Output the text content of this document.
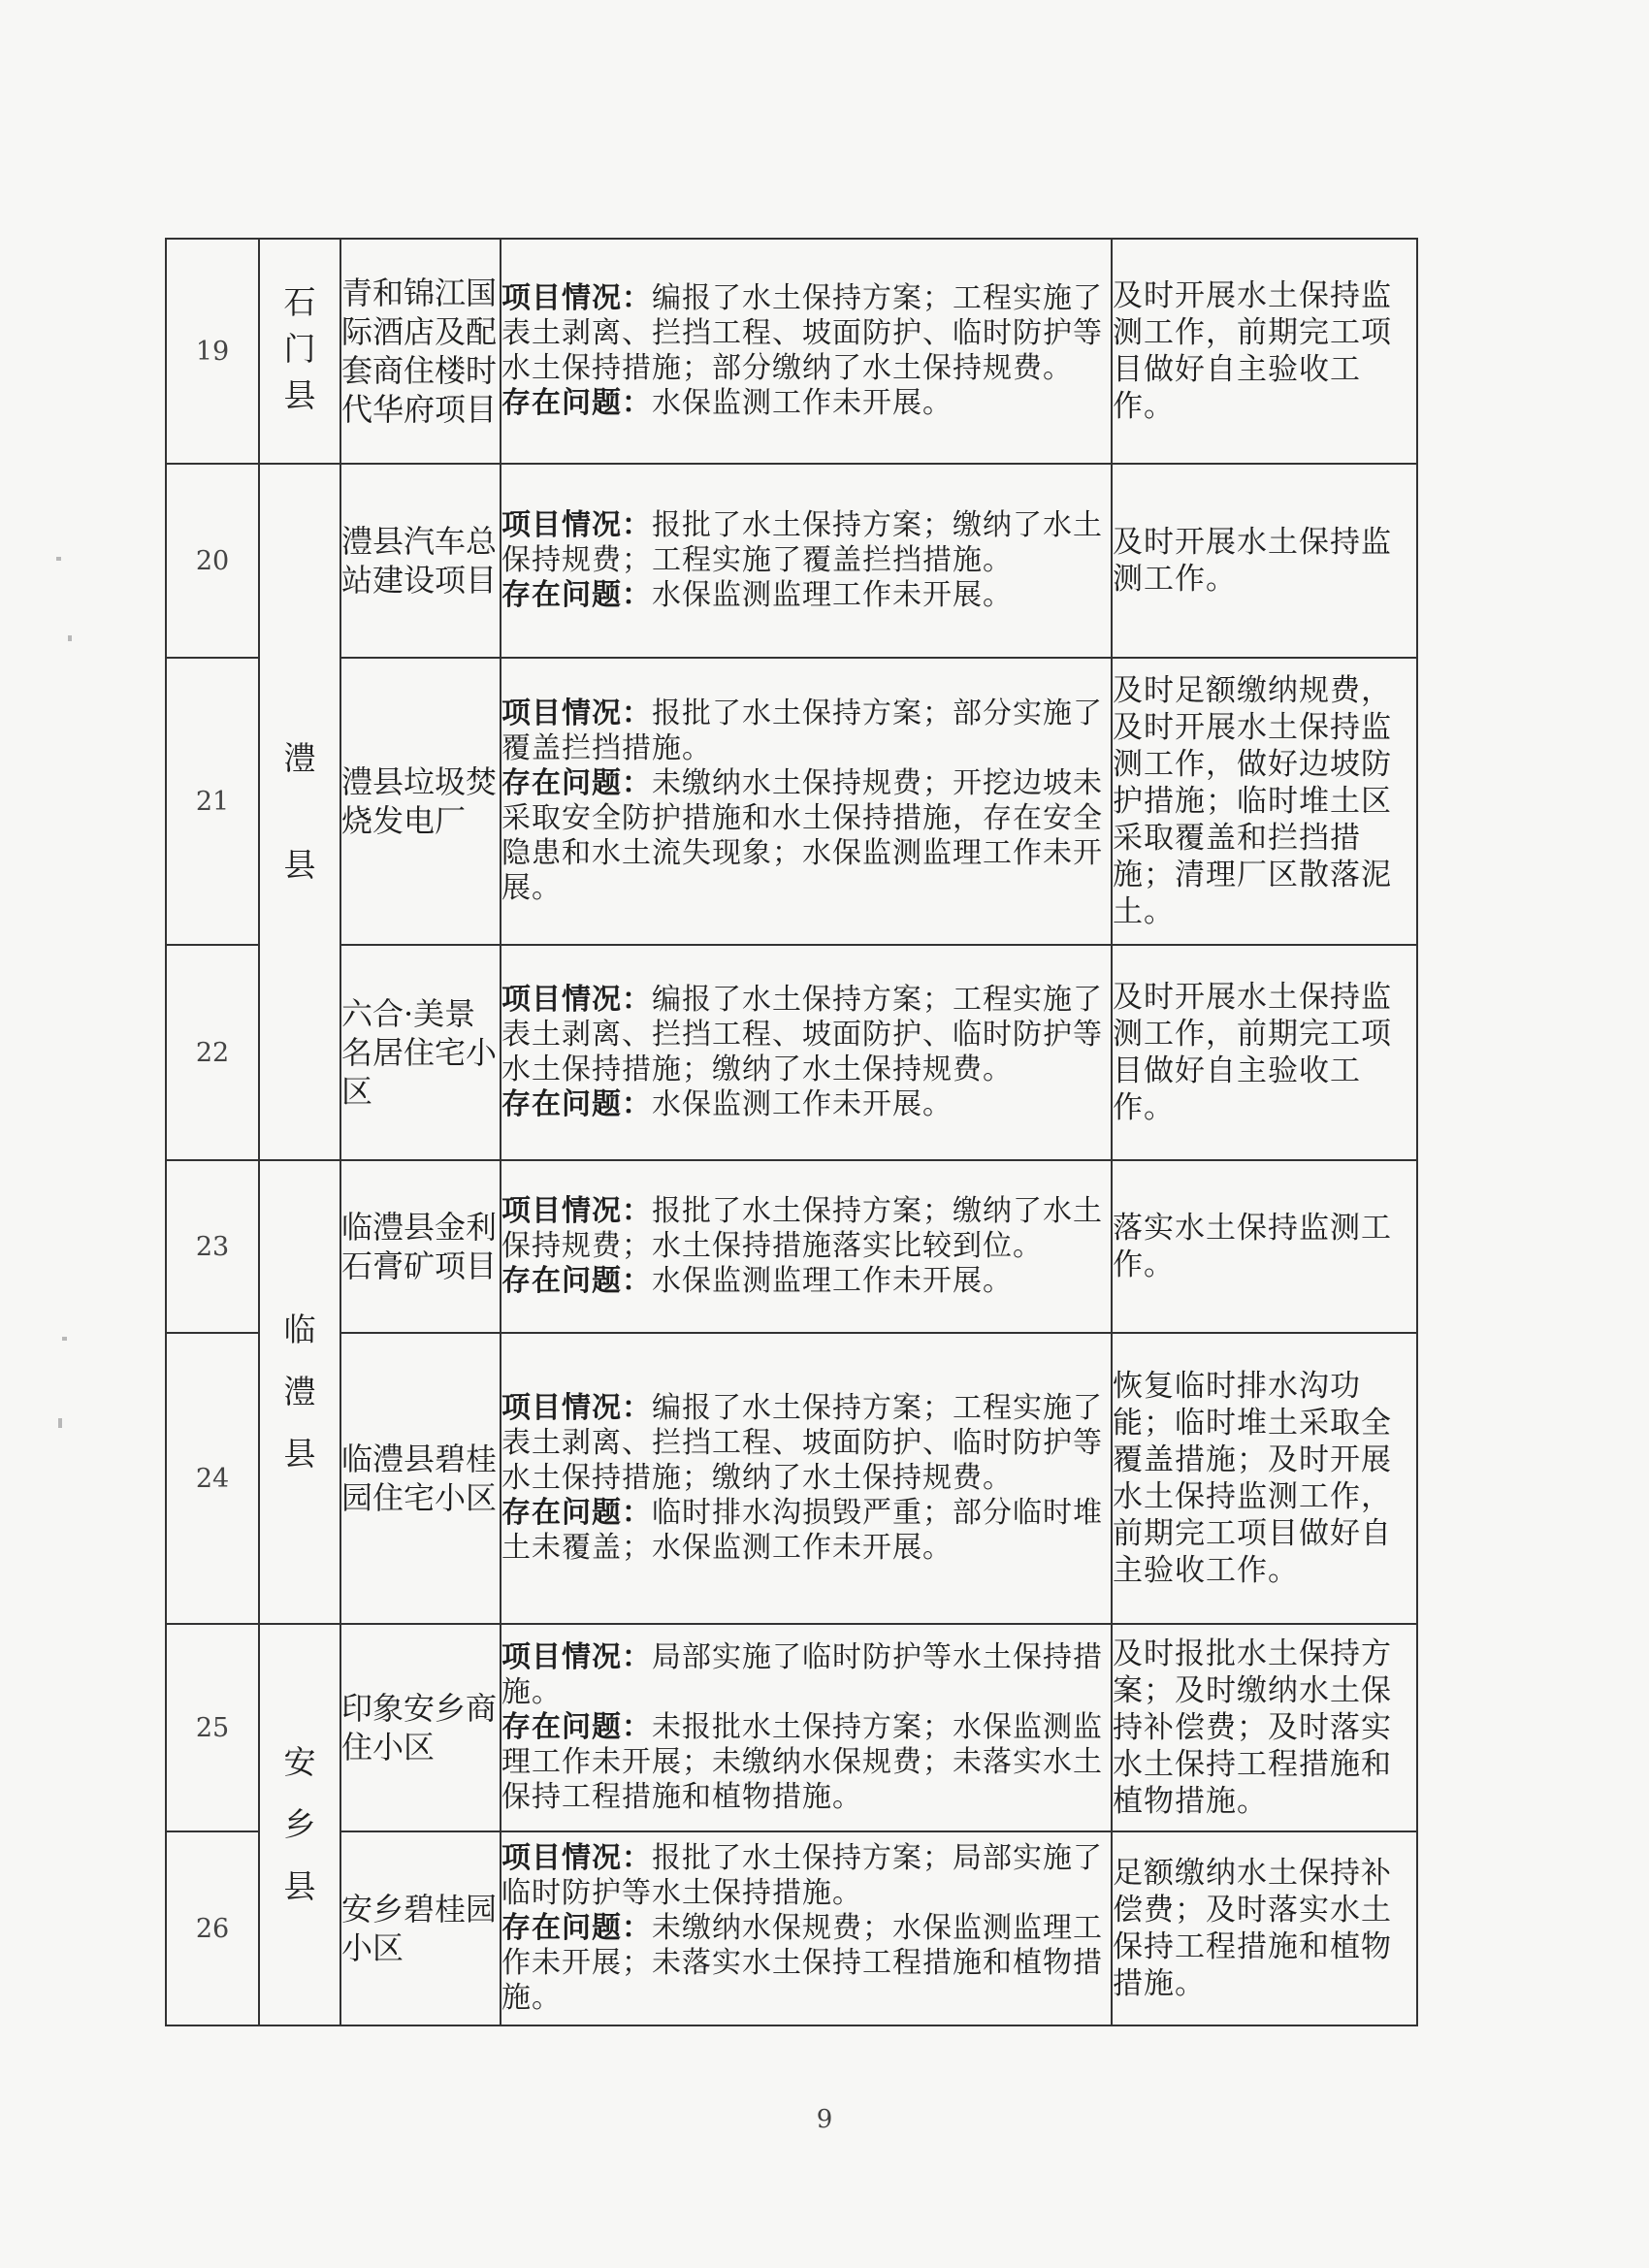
19	石门县	青和锦江国际酒店及配套商住楼时代华府项目	项目情况：编报了水土保持方案；工程实施了表土剥离、拦挡工程、坡面防护、临时防护等水土保持措施；部分缴纳了水土保持规费。
存在问题：水保监测工作未开展。	及时开展水土保持监测工作，前期完工项目做好自主验收工作。
20	澧县	澧县汽车总站建设项目	项目情况：报批了水土保持方案；缴纳了水土保持规费；工程实施了覆盖拦挡措施。
存在问题：水保监测监理工作未开展。	及时开展水土保持监测工作。
21		澧县垃圾焚烧发电厂	项目情况：报批了水土保持方案；部分实施了覆盖拦挡措施。
存在问题：未缴纳水土保持规费；开挖边坡未采取安全防护措施和水土保持措施，存在安全隐患和水土流失现象；水保监测监理工作未开展。	及时足额缴纳规费，及时开展水土保持监测工作，做好边坡防护措施；临时堆土区采取覆盖和拦挡措施；清理厂区散落泥土。
22		六合·美景名居住宅小区	项目情况：编报了水土保持方案；工程实施了表土剥离、拦挡工程、坡面防护、临时防护等水土保持措施；缴纳了水土保持规费。
存在问题：水保监测工作未开展。	及时开展水土保持监测工作，前期完工项目做好自主验收工作。
23	临澧县	临澧县金利石膏矿项目	项目情况：报批了水土保持方案；缴纳了水土保持规费；水土保持措施落实比较到位。
存在问题：水保监测监理工作未开展。	落实水土保持监测工作。
24		临澧县碧桂园住宅小区	项目情况：编报了水土保持方案；工程实施了表土剥离、拦挡工程、坡面防护、临时防护等水土保持措施；缴纳了水土保持规费。
存在问题：临时排水沟损毁严重；部分临时堆土未覆盖；水保监测工作未开展。	恢复临时排水沟功能；临时堆土采取全覆盖措施；及时开展水土保持监测工作，前期完工项目做好自主验收工作。
25	安乡县	印象安乡商住小区	项目情况：局部实施了临时防护等水土保持措施。
存在问题：未报批水土保持方案；水保监测监理工作未开展；未缴纳水保规费；未落实水土保持工程措施和植物措施。	及时报批水土保持方案；及时缴纳水土保持补偿费；及时落实水土保持工程措施和植物措施。
26		安乡碧桂园小区	项目情况：报批了水土保持方案；局部实施了临时防护等水土保持措施。
存在问题：未缴纳水保规费；水保监测监理工作未开展；未落实水土保持工程措施和植物措施。	足额缴纳水土保持补偿费；及时落实水土保持工程措施和植物措施。
9
